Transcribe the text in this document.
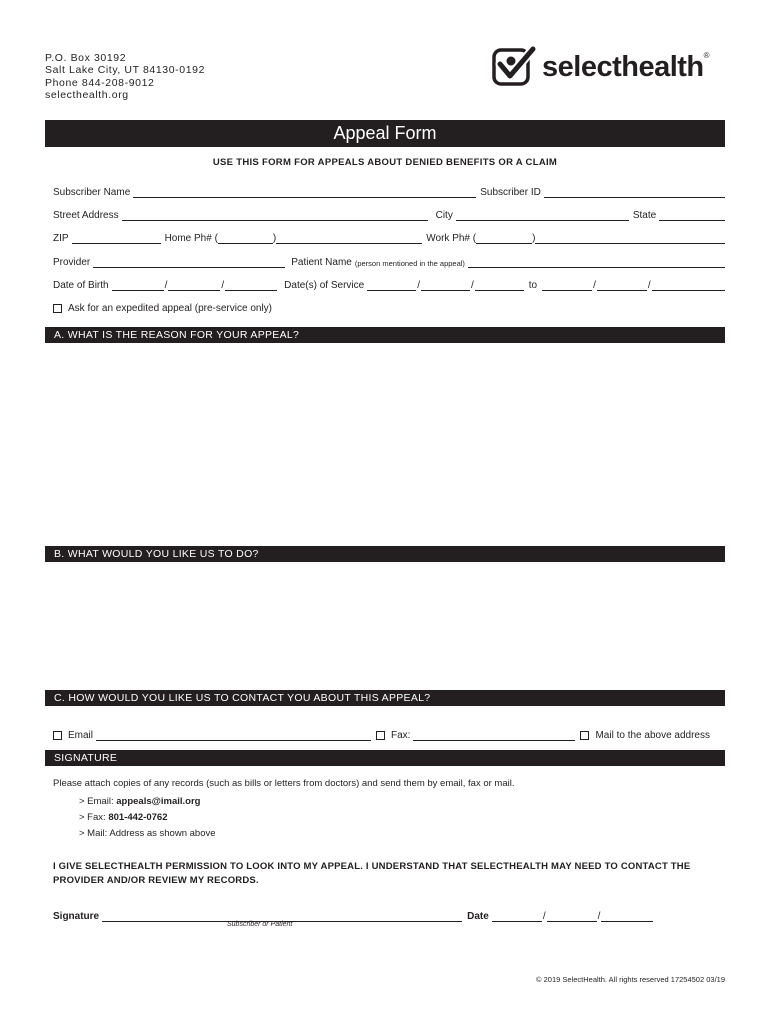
P.O. Box 30192
Salt Lake City, UT 84130-0192
Phone 844-208-9012
selecthealth.org
selecthealth®
Appeal Form
USE THIS FORM FOR APPEALS ABOUT DENIED BENEFITS OR A CLAIM
Subscriber Name	Subscriber ID
Street Address	City	State
ZIP	Home Ph# (	)	Work Ph# (	)
Provider	Patient Name (person mentioned in the appeal)
Date of Birth	/	/	Date(s) of Service	/	/	to	/	/
Ask for an expedited appeal (pre-service only)
A. WHAT IS THE REASON FOR YOUR APPEAL?
B. WHAT WOULD YOU LIKE US TO DO?
C. HOW WOULD YOU LIKE US TO CONTACT YOU ABOUT THIS APPEAL?
Email	Fax:	Mail to the above address
SIGNATURE
Please attach copies of any records (such as bills or letters from doctors) and send them by email, fax or mail.
> Email: appeals@imail.org
> Fax: 801-442-0762
> Mail: Address as shown above
I GIVE SELECTHEALTH PERMISSION TO LOOK INTO MY APPEAL. I UNDERSTAND THAT SELECTHEALTH MAY NEED TO CONTACT THE PROVIDER AND/OR REVIEW MY RECORDS.
Signature	Date	/	/
Subscriber or Patient
© 2019 SelectHealth. All rights reserved 17254502 03/19
